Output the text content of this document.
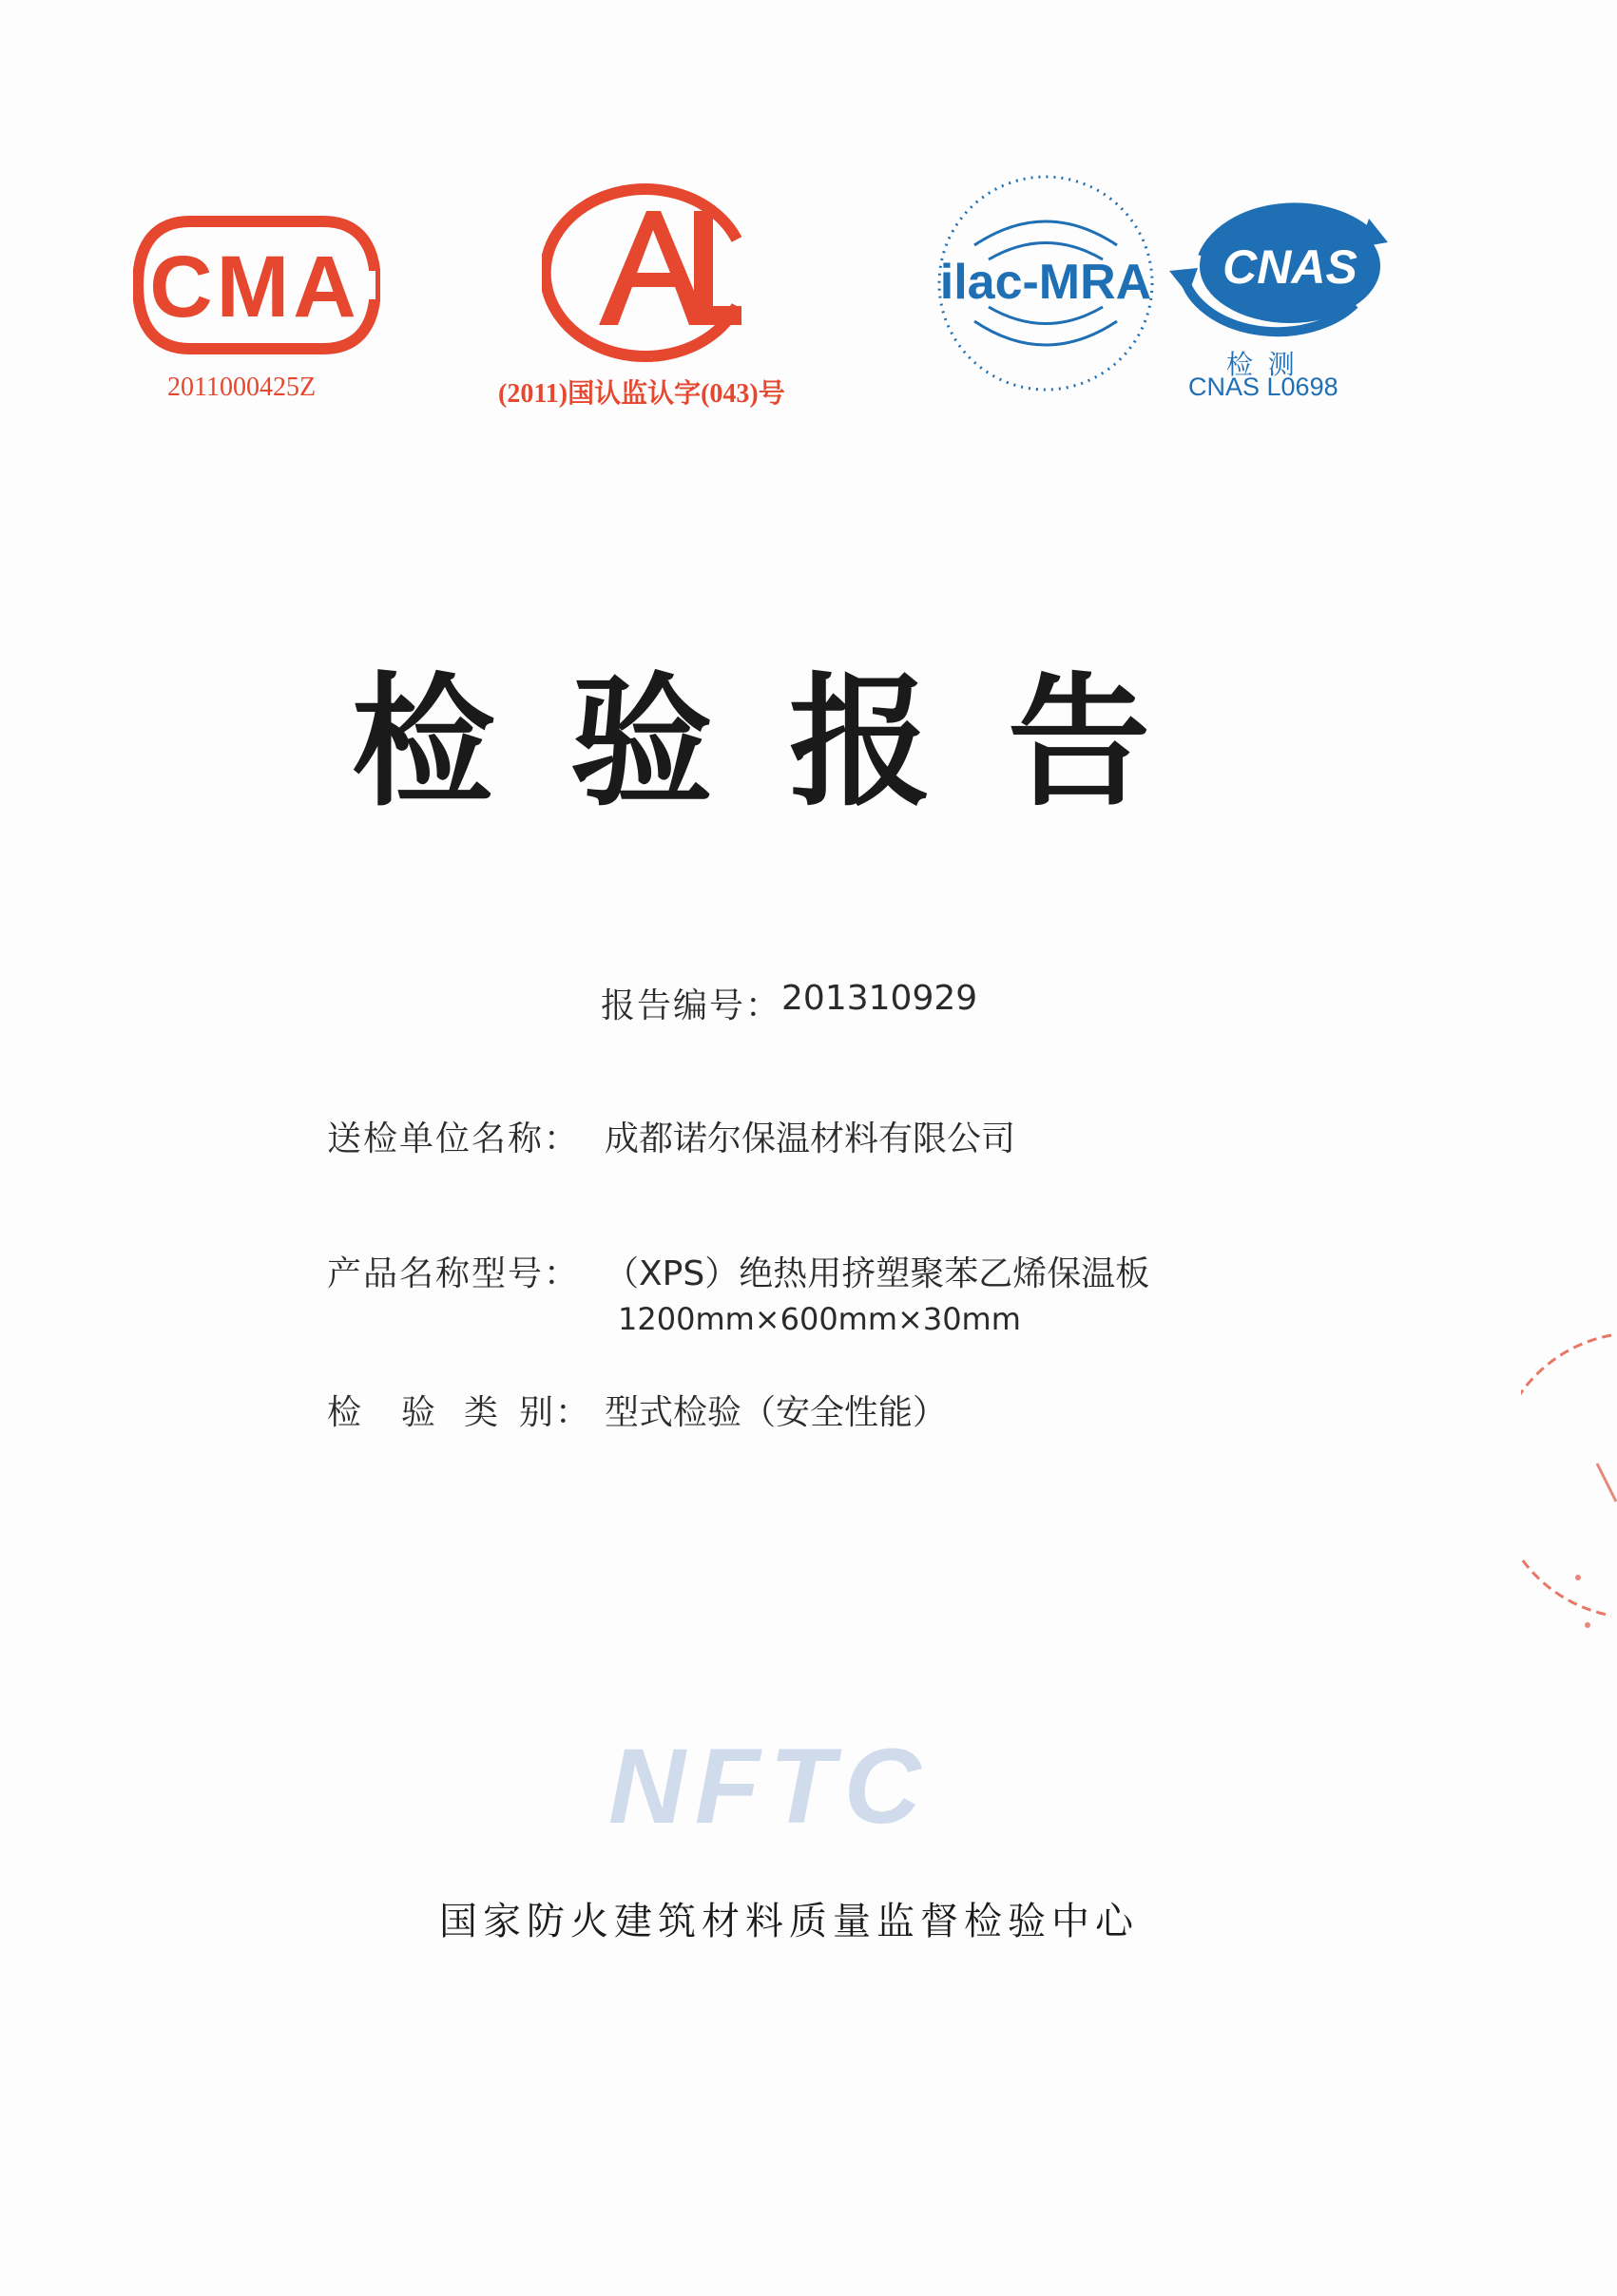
CMA
2011000425Z
CAL
(2011)国认监认字(043)号
ilac-MRA CNAS
检 测
CNAS L0698
检验报告
报告编号：201310929
送检单位名称： 成都诺尔保温材料有限公司
产品名称型号： （XPS）绝热用挤塑聚苯乙烯保温板
1200mm×600mm×30mm
检 验 类 别： 型式检验（安全性能）
NFTC
国家防火建筑材料质量监督检验中心
